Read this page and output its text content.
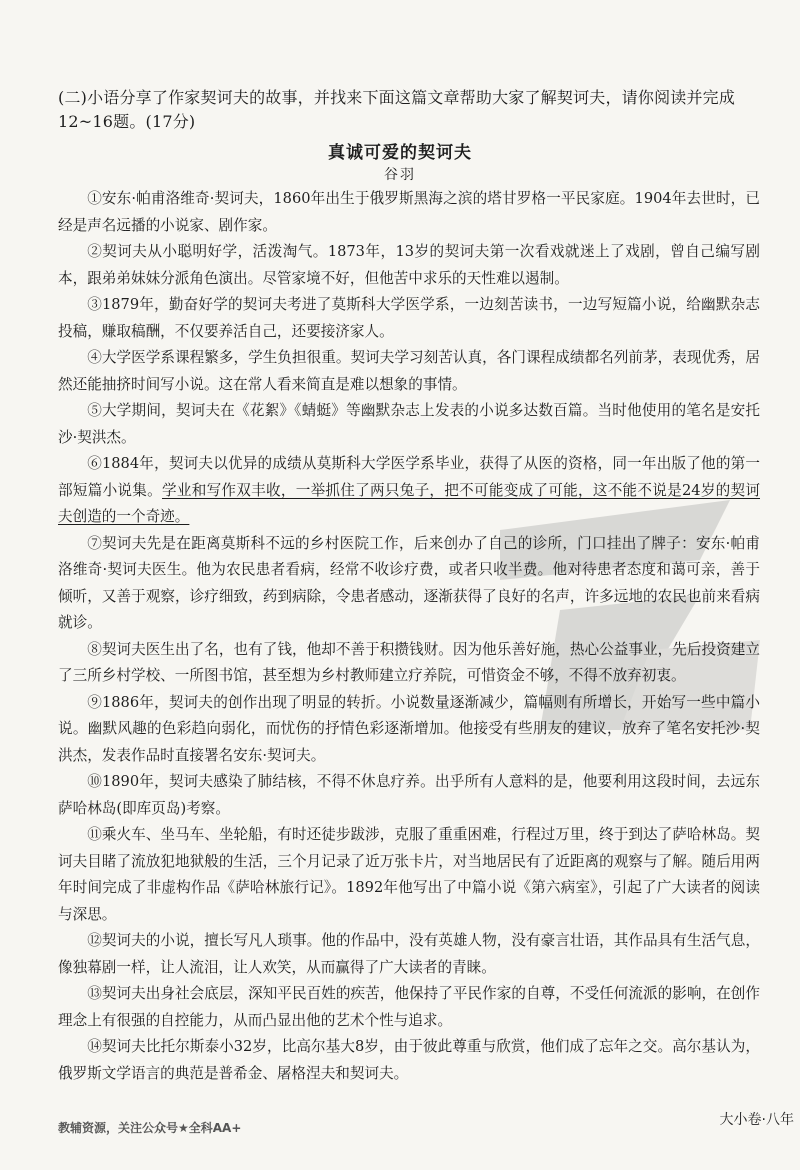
(二)小语分享了作家契诃夫的故事，并找来下面这篇文章帮助大家了解契诃夫，请你阅读并完成12~16题。(17分)
真诚可爱的契诃夫
谷羽

①安东·帕甫洛维奇·契诃夫，1860年出生于俄罗斯黑海之滨的塔甘罗格一平民家庭。1904年去世时，已经是声名远播的小说家、剧作家。

②契诃夫从小聪明好学，活泼淘气。1873年，13岁的契诃夫第一次看戏就迷上了戏剧，曾自己编写剧本，跟弟弟妹妹分派角色演出。尽管家境不好，但他苦中求乐的天性难以遏制。

③1879年，勤奋好学的契诃夫考进了莫斯科大学医学系，一边刻苦读书，一边写短篇小说，给幽默杂志投稿，赚取稿酬，不仅要养活自己，还要接济家人。

④大学医学系课程繁多，学生负担很重。契诃夫学习刻苦认真，各门课程成绩都名列前茅，表现优秀，居然还能抽挤时间写小说。这在常人看来简直是难以想象的事情。

⑤大学期间，契诃夫在《花絮》《蜻蜓》等幽默杂志上发表的小说多达数百篇。当时他使用的笔名是安托沙·契洪杰。

⑥1884年，契诃夫以优异的成绩从莫斯科大学医学系毕业，获得了从医的资格，同一年出版了他的第一部短篇小说集。学业和写作双丰收，一举抓住了两只兔子，把不可能变成了可能，这不能不说是24岁的契诃夫创造的一个奇迹。

⑦契诃夫先是在距离莫斯科不远的乡村医院工作，后来创办了自己的诊所，门口挂出了牌子：安东·帕甫洛维奇·契诃夫医生。他为农民患者看病，经常不收诊疗费，或者只收半费。他对待患者态度和蔼可亲，善于倾听，又善于观察，诊疗细致，药到病除，令患者感动，逐渐获得了良好的名声，许多远地的农民也前来看病就诊。

⑧契诃夫医生出了名，也有了钱，他却不善于积攒钱财。因为他乐善好施，热心公益事业，先后投资建立了三所乡村学校、一所图书馆，甚至想为乡村教师建立疗养院，可惜资金不够，不得不放弃初衷。

⑨1886年，契诃夫的创作出现了明显的转折。小说数量逐渐减少，篇幅则有所增长，开始写一些中篇小说。幽默风趣的色彩趋向弱化，而忧伤的抒情色彩逐渐增加。他接受有些朋友的建议，放弃了笔名安托沙·契洪杰，发表作品时直接署名安东·契诃夫。

⑩1890年，契诃夫感染了肺结核，不得不休息疗养。出乎所有人意料的是，他要利用这段时间，去远东萨哈林岛(即库页岛)考察。

⑪乘火车、坐马车、坐轮船，有时还徒步跋涉，克服了重重困难，行程过万里，终于到达了萨哈林岛。契诃夫目睹了流放犯地狱般的生活，三个月记录了近万张卡片，对当地居民有了近距离的观察与了解。随后用两年时间完成了非虚构作品《萨哈林旅行记》。1892年他写出了中篇小说《第六病室》，引起了广大读者的阅读与深思。

⑫契诃夫的小说，擅长写凡人琐事。他的作品中，没有英雄人物，没有豪言壮语，其作品具有生活气息，像独幕剧一样，让人流泪，让人欢笑，从而赢得了广大读者的青睐。

⑬契诃夫出身社会底层，深知平民百姓的疾苦，他保持了平民作家的自尊，不受任何流派的影响，在创作理念上有很强的自控能力，从而凸显出他的艺术个性与追求。

⑭契诃夫比托尔斯泰小32岁，比高尔基大8岁，由于彼此尊重与欣赏，他们成了忘年之交。高尔基认为，俄罗斯文学语言的典范是普希金、屠格涅夫和契诃夫。

教辅资源，关注公众号★全科AA+	大小卷·八年
